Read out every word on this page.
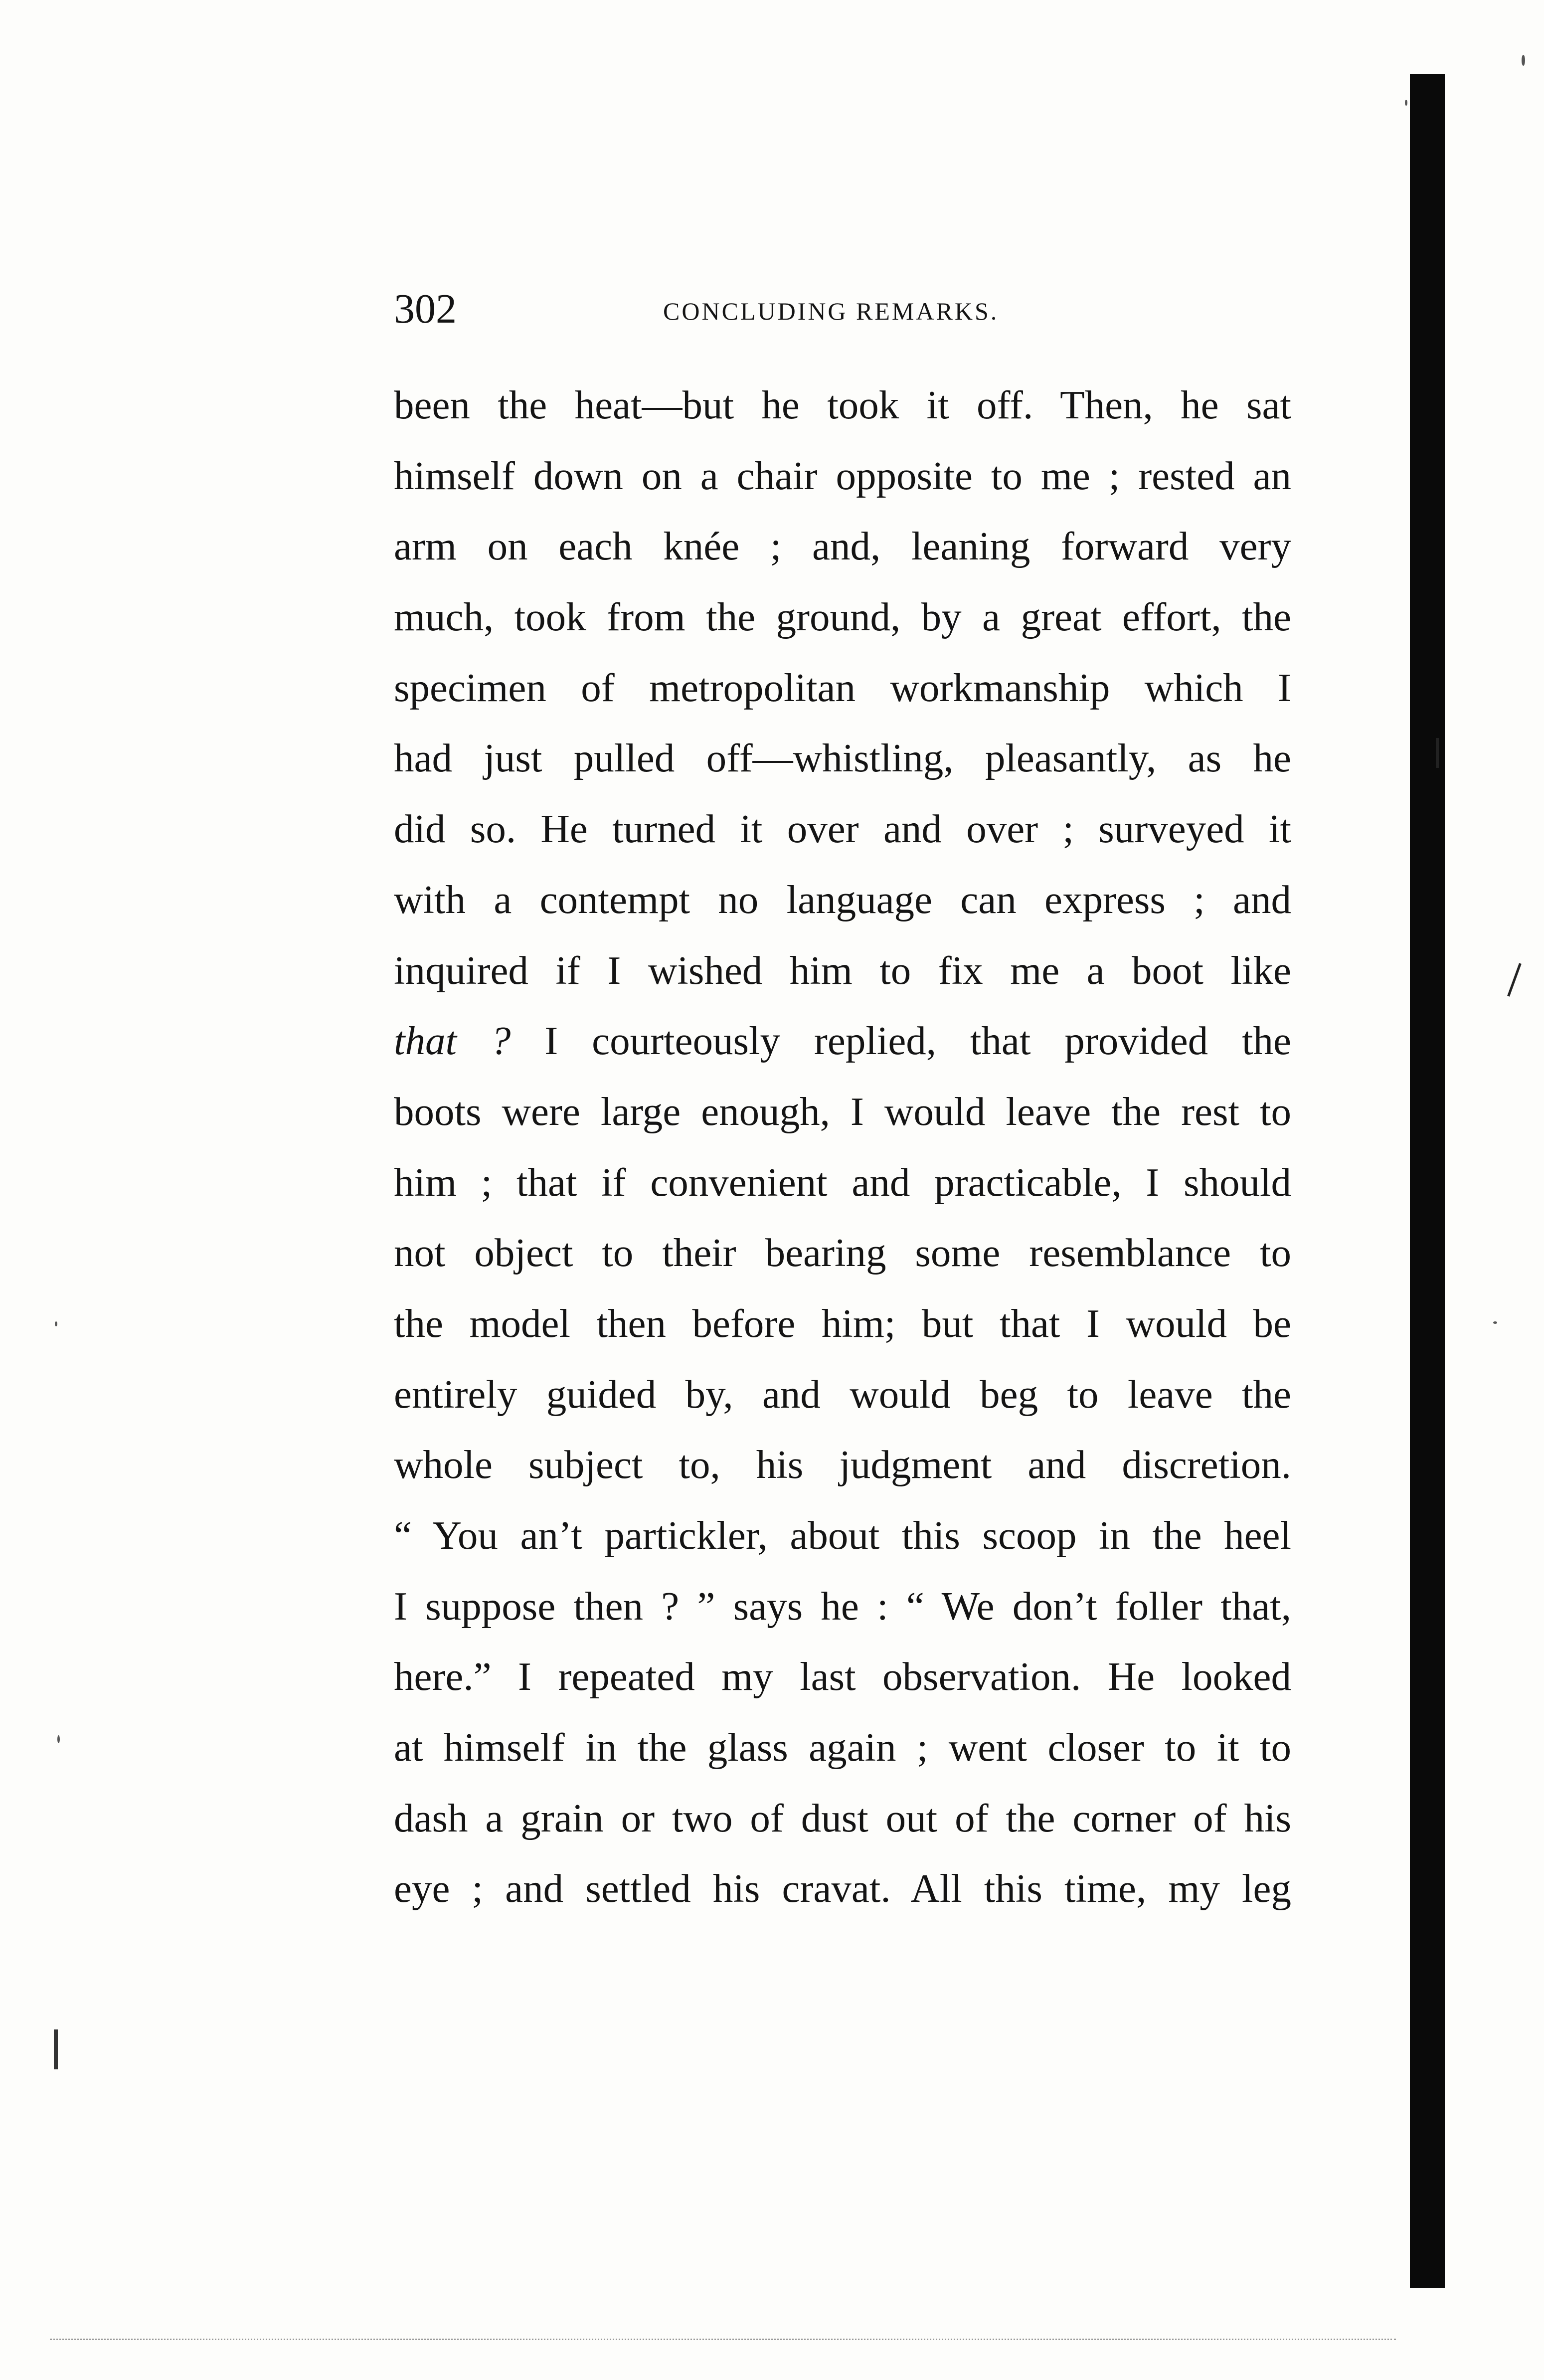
302	CONCLUDING REMARKS.
been the heat—but he took it off. Then, he sat
himself down on a chair opposite to me ; rested an
arm on each knée ; and, leaning forward very
much, took from the ground, by a great effort, the
specimen of metropolitan workmanship which I
had just pulled off—whistling, pleasantly, as he
did so. He turned it over and over ; surveyed it
with a contempt no language can express ; and
inquired if I wished him to fix me a boot like
that ? I courteously replied, that provided the
boots were large enough, I would leave the rest to
him ; that if convenient and practicable, I should
not object to their bearing some resemblance to
the model then before him; but that I would be
entirely guided by, and would beg to leave the
whole subject to, his judgment and discretion.
“ You an’t partickler, about this scoop in the heel
I suppose then ? ” says he : “ We don’t foller that,
here.” I repeated my last observation. He looked
at himself in the glass again ; went closer to it to
dash a grain or two of dust out of the corner of his
eye ; and settled his cravat. All this time, my leg
